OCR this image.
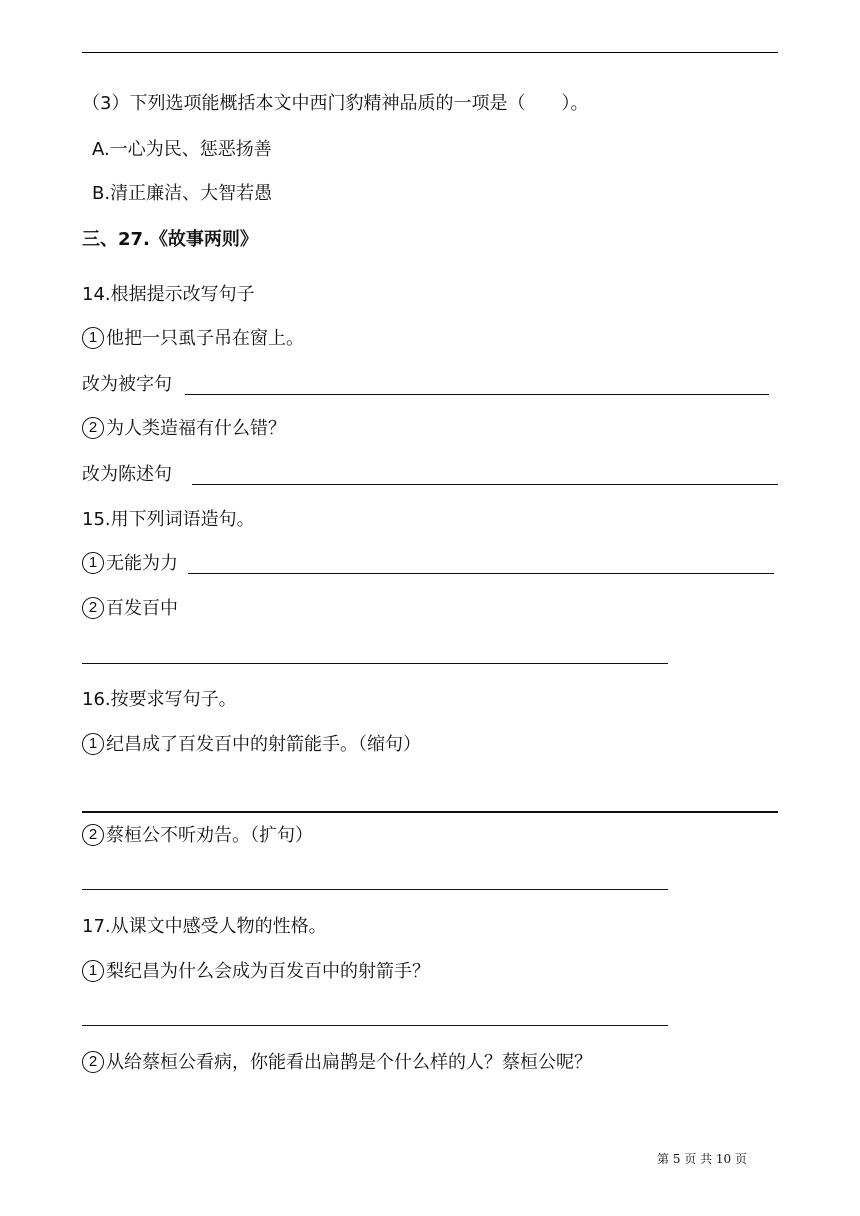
（3）下列选项能概括本文中西门豹精神品质的一项是（　　）。
A.一心为民、惩恶扬善
B.清正廉洁、大智若愚
三、27.《故事两则》
14.根据提示改写句子
1 他把一只虱子吊在窗上。
改为被字句
2 为人类造福有什么错？
改为陈述句
15.用下列词语造句。
1 无能为力
2 百发百中
16.按要求写句子。
1 纪昌成了百发百中的射箭能手。（缩句）
2 蔡桓公不听劝告。（扩句）
17.从课文中感受人物的性格。
1 梨纪昌为什么会成为百发百中的射箭手？
2 从给蔡桓公看病，你能看出扁鹊是个什么样的人？蔡桓公呢？
第 5 页 共 10 页
